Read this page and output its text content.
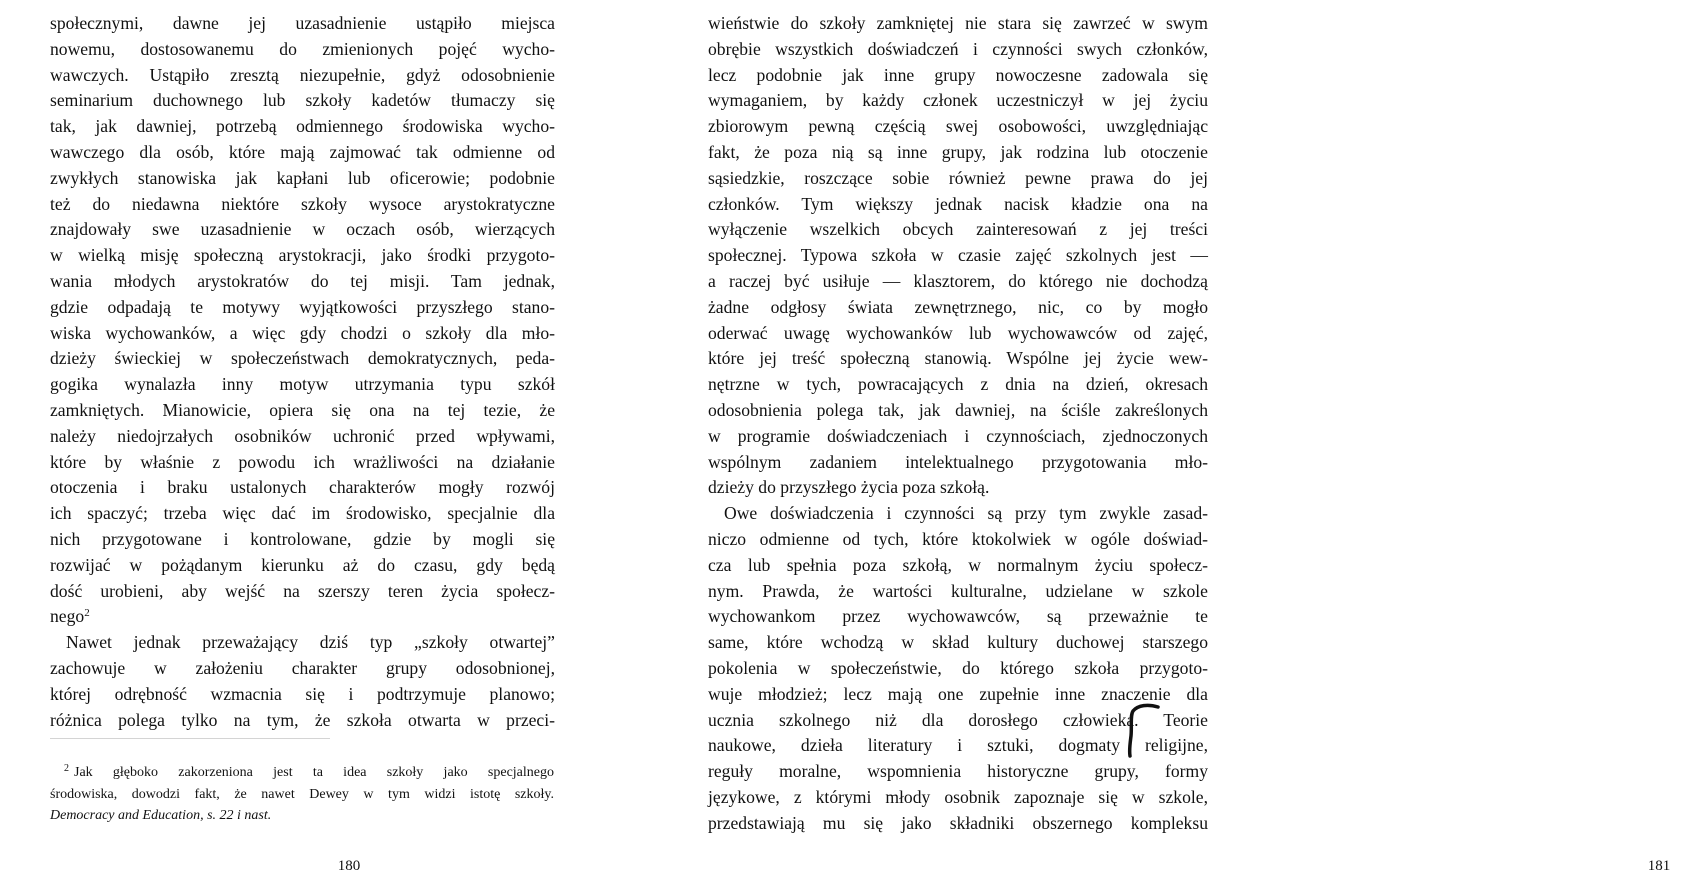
społecznymi, dawne jej uzasadnienie ustąpiło miejsca
nowemu, dostosowanemu do zmienionych pojęć wycho-
wawczych. Ustąpiło zresztą niezupełnie, gdyż odosobnienie
seminarium duchownego lub szkoły kadetów tłumaczy się
tak, jak dawniej, potrzebą odmiennego środowiska wycho-
wawczego dla osób, które mają zajmować tak odmienne od
zwykłych stanowiska jak kapłani lub oficerowie; podobnie
też do niedawna niektóre szkoły wysoce arystokratyczne
znajdowały swe uzasadnienie w oczach osób, wierzących
w wielką misję społeczną arystokracji, jako środki przygoto-
wania młodych arystokratów do tej misji. Tam jednak,
gdzie odpadają te motywy wyjątkowości przyszłego stano-
wiska wychowanków, a więc gdy chodzi o szkoły dla mło-
dzieży świeckiej w społeczeństwach demokratycznych, peda-
gogika wynalazła inny motyw utrzymania typu szkół
zamkniętych. Mianowicie, opiera się ona na tej tezie, że
należy niedojrzałych osobników uchronić przed wpływami,
które by właśnie z powodu ich wrażliwości na działanie
otoczenia i braku ustalonych charakterów mogły rozwój
ich spaczyć; trzeba więc dać im środowisko, specjalnie dla
nich przygotowane i kontrolowane, gdzie by mogli się
rozwijać w pożądanym kierunku aż do czasu, gdy będą
dość urobieni, aby wejść na szerszy teren życia społecz-
nego$^2$
Nawet jednak przeważający dziś typ „szkoły otwartej”
zachowuje w założeniu charakter grupy odosobnionej,
której odrębność wzmacnia się i podtrzymuje planowo;
różnica polega tylko na tym, że szkoła otwarta w przeci-
$^2$ Jak głęboko zakorzeniona jest ta idea szkoły jako specjalnego
środowiska, dowodzi fakt, że nawet Dewey w tym widzi istotę szkoły.
Democracy and Education, s. 22 i nast.
180
wieństwie do szkoły zamkniętej nie stara się zawrzeć w swym
obrębie wszystkich doświadczeń i czynności swych członków,
lecz podobnie jak inne grupy nowoczesne zadowala się
wymaganiem, by każdy członek uczestniczył w jej życiu
zbiorowym pewną częścią swej osobowości, uwzględniając
fakt, że poza nią są inne grupy, jak rodzina lub otoczenie
sąsiedzkie, roszczące sobie również pewne prawa do jej
członków. Tym większy jednak nacisk kładzie ona na
wyłączenie wszelkich obcych zainteresowań z jej treści
społecznej. Typowa szkoła w czasie zajęć szkolnych jest —
a raczej być usiłuje — klasztorem, do którego nie dochodzą
żadne odgłosy świata zewnętrznego, nic, co by mogło
oderwać uwagę wychowanków lub wychowawców od zajęć,
które jej treść społeczną stanowią. Wspólne jej życie wew-
nętrzne w tych, powracających z dnia na dzień, okresach
odosobnienia polega tak, jak dawniej, na ściśle zakreślonych
w programie doświadczeniach i czynnościach, zjednoczonych
wspólnym zadaniem intelektualnego przygotowania mło-
dzieży do przyszłego życia poza szkołą.
Owe doświadczenia i czynności są przy tym zwykle zasad-
niczo odmienne od tych, które ktokolwiek w ogóle doświad-
cza lub spełnia poza szkołą, w normalnym życiu społecz-
nym. Prawda, że wartości kulturalne, udzielane w szkole
wychowankom przez wychowawców, są przeważnie te
same, które wchodzą w skład kultury duchowej starszego
pokolenia w społeczeństwie, do którego szkoła przygoto-
wuje młodzież; lecz mają one zupełnie inne znaczenie dla
ucznia szkolnego niż dla dorosłego człowieka. Teorie
naukowe, dzieła literatury i sztuki, dogmaty religijne,
reguły moralne, wspomnienia historyczne grupy, formy
językowe, z którymi młody osobnik zapoznaje się w szkole,
przedstawiają mu się jako składniki obszernego kompleksu
181
